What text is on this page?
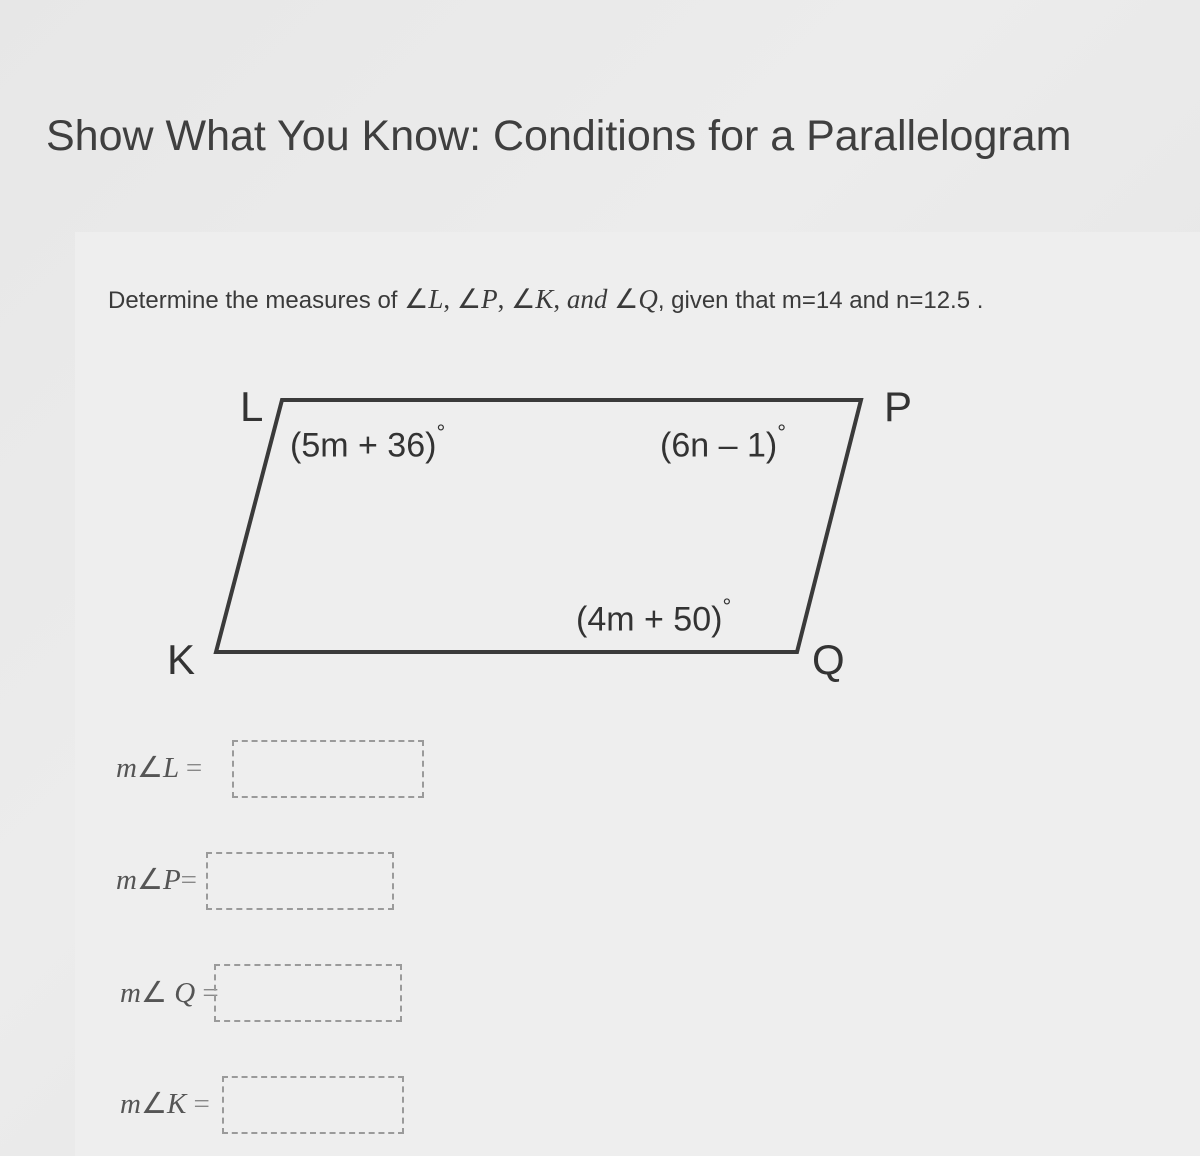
Show What You Know: Conditions for a Parallelogram
Determine the measures of ∠L, ∠P, ∠K, and ∠Q, given that m=14 and n=12.5 .
L	P
K	Q
(5m + 36)°	(6n – 1)°
(4m + 50)°
m∠L =
m∠P=
m∠ Q =
m∠K =
